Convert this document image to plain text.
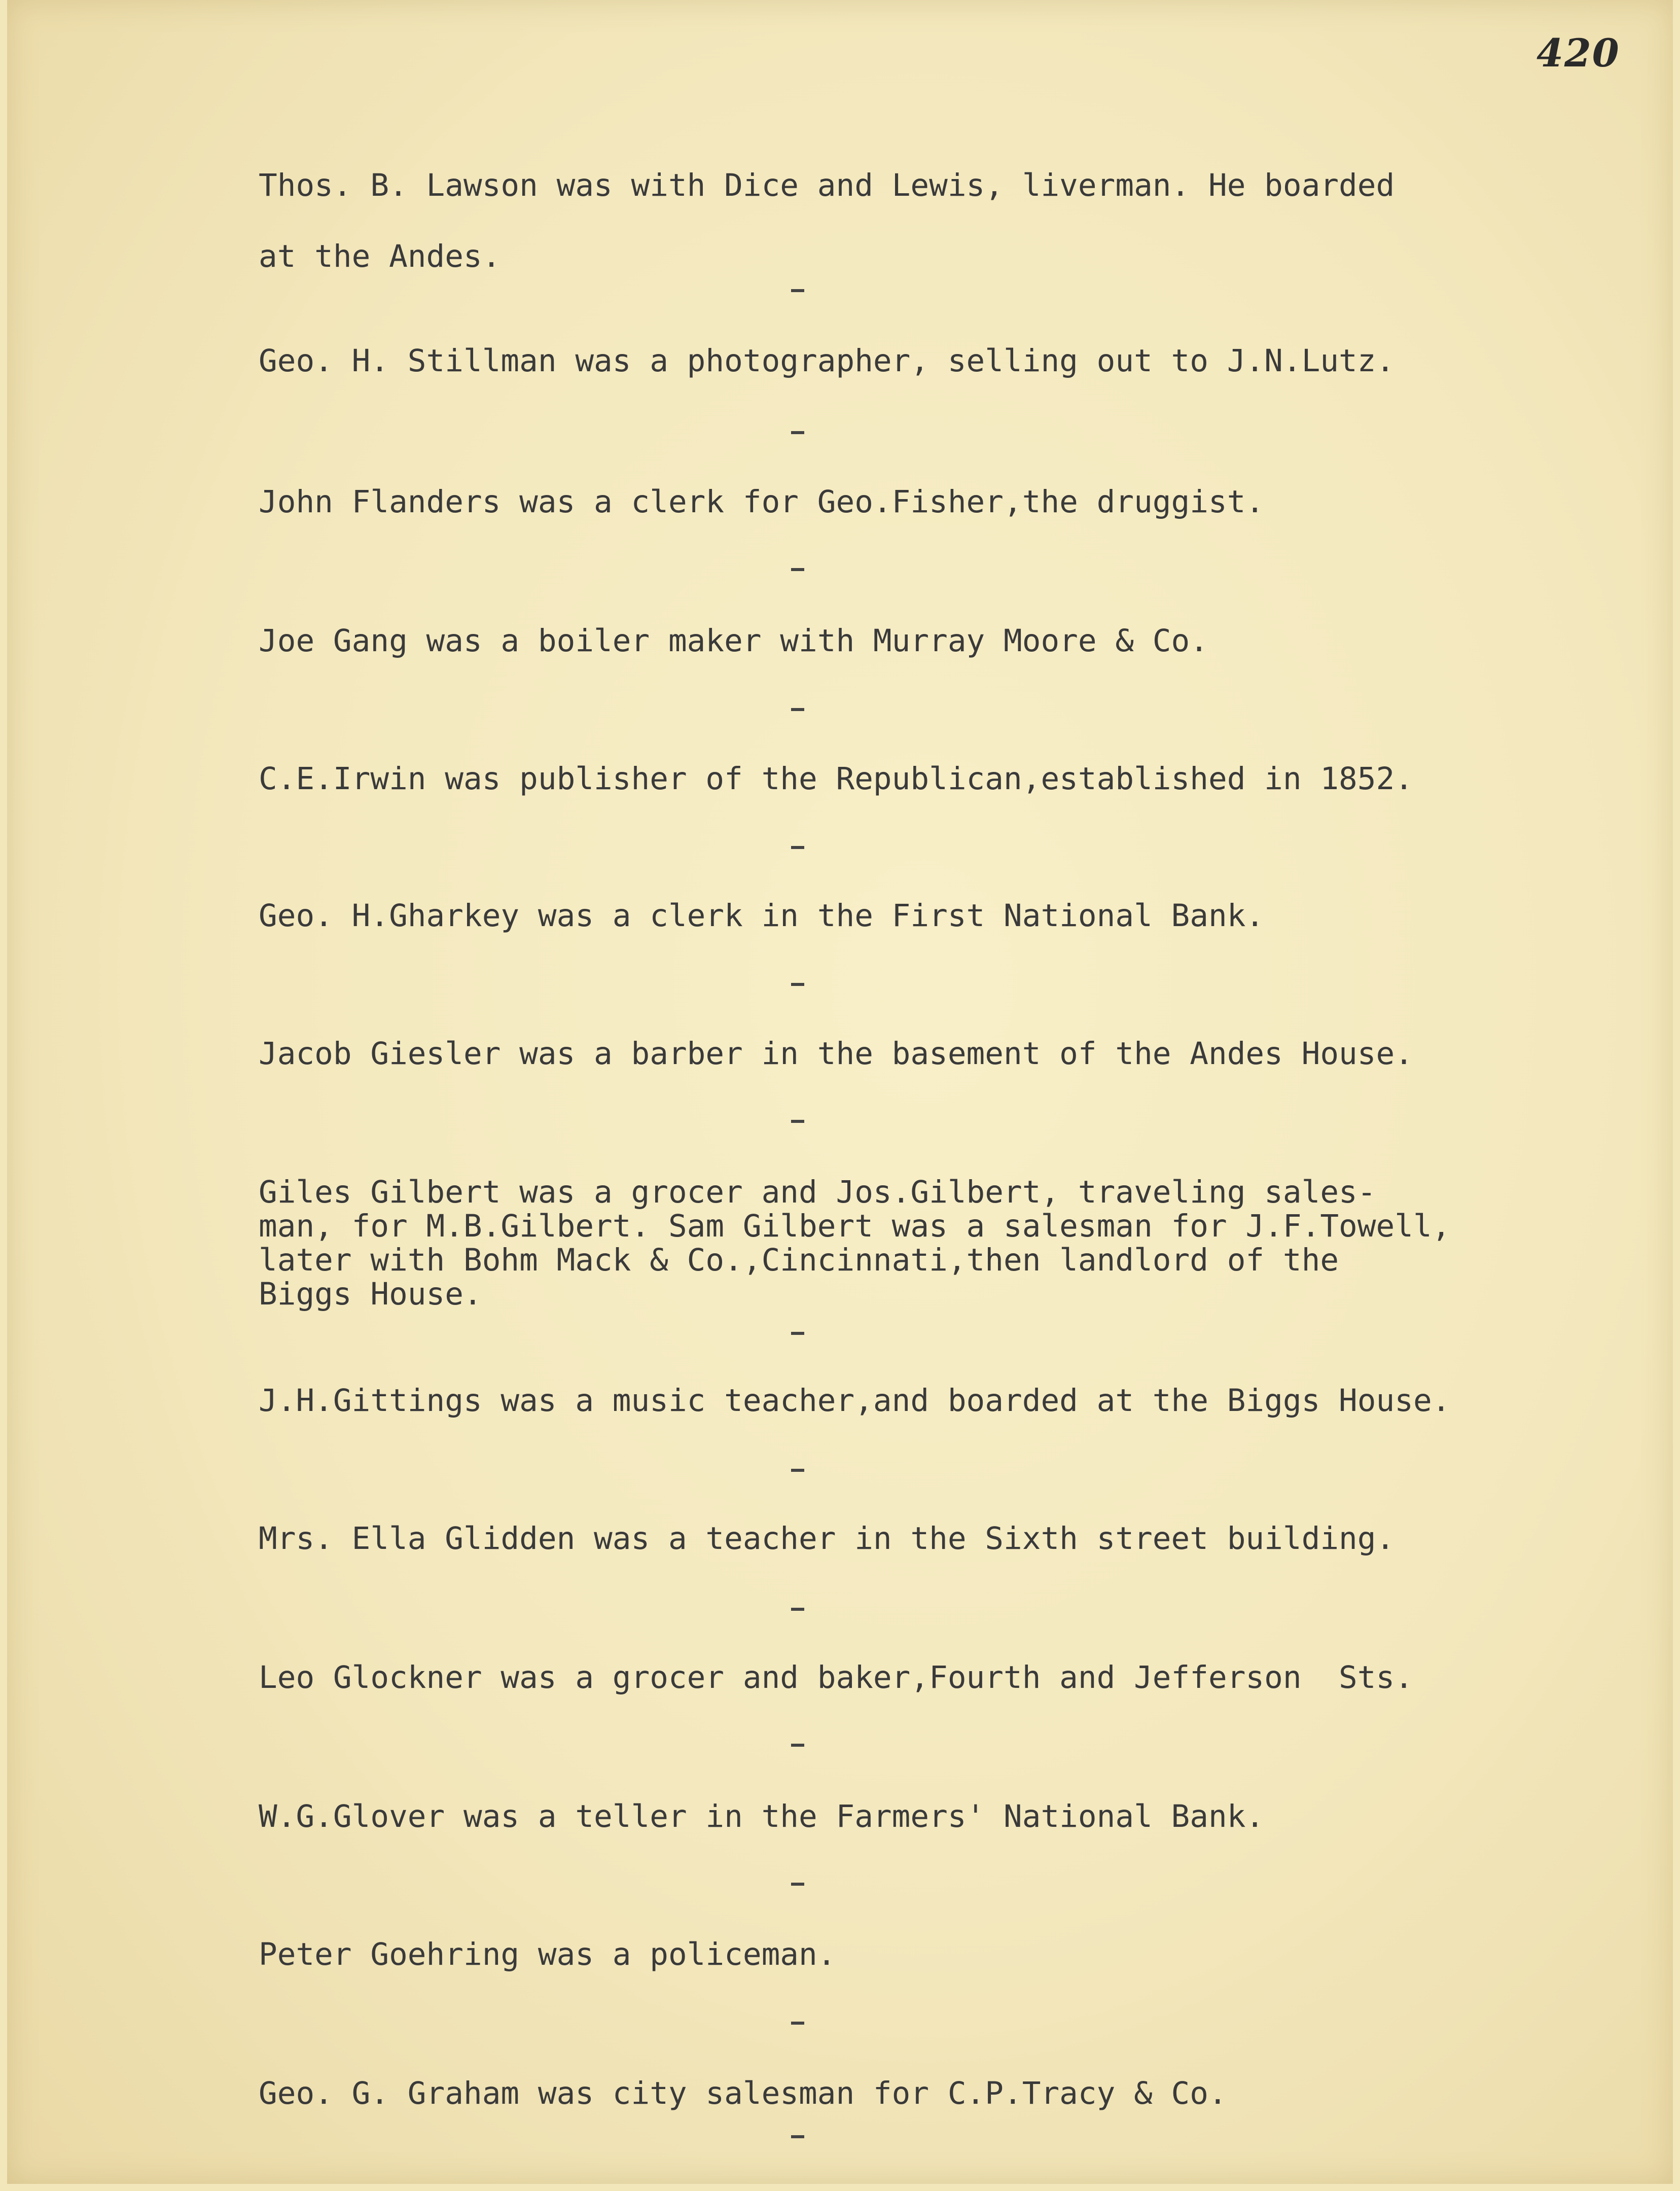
420

Thos. B. Lawson was with Dice and Lewis, liverman. He boarded
at the Andes.

Geo. H. Stillman was a photographer, selling out to J.N.Lutz.

John Flanders was a clerk for Geo.Fisher,the druggist.

Joe Gang was a boiler maker with Murray Moore & Co.

C.E.Irwin was publisher of the Republican,established in 1852.

Geo. H.Gharkey was a clerk in the First National Bank.

Jacob Giesler was a barber in the basement of the Andes House.

Giles Gilbert was a grocer and Jos.Gilbert, traveling sales-
man, for M.B.Gilbert. Sam Gilbert was a salesman for J.F.Towell,
later with Bohm Mack & Co.,Cincinnati,then landlord of the
Biggs House.

J.H.Gittings was a music teacher,and boarded at the Biggs House.

Mrs. Ella Glidden was a teacher in the Sixth street building.

Leo Glockner was a grocer and baker,Fourth and Jefferson  Sts.

W.G.Glover was a teller in the Farmers' National Bank.

Peter Goehring was a policeman.

Geo. G. Graham was city salesman for C.P.Tracy & Co.
